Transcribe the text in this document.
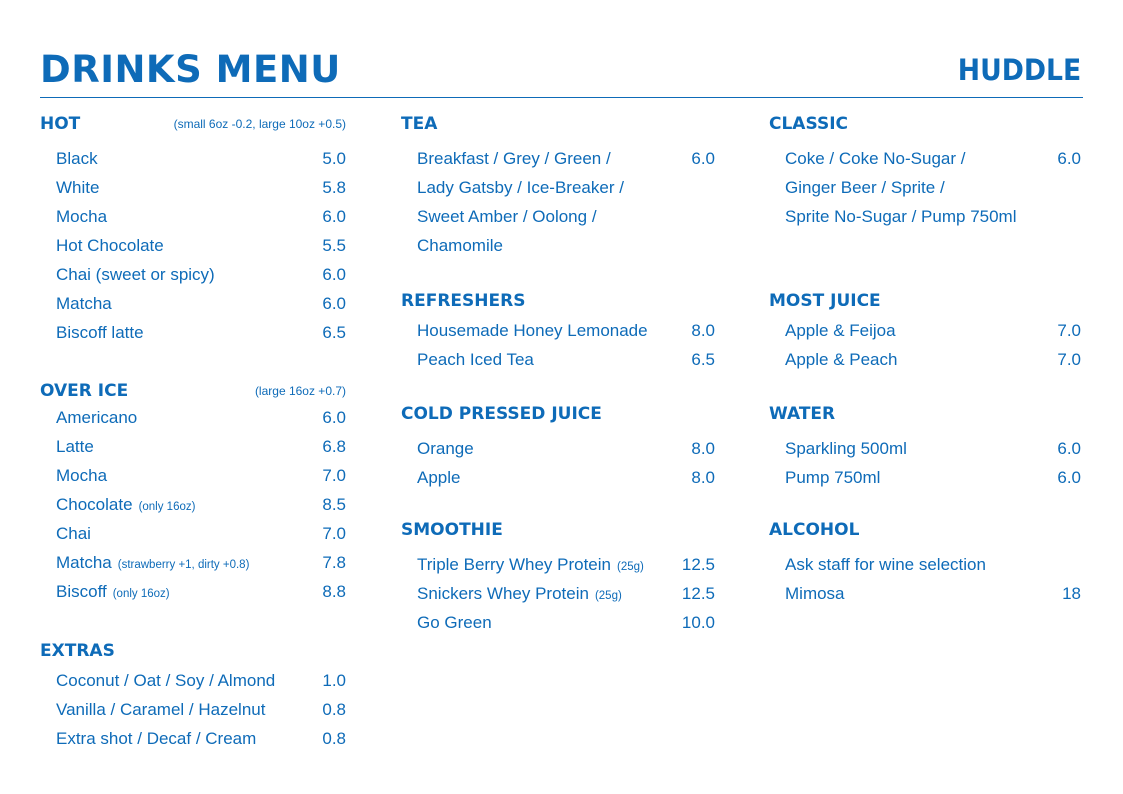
DRINKS MENU	HUDDLE
HOT	(small 6oz -0.2, large 10oz +0.5)
Black	5.0
White	5.8
Mocha	6.0
Hot Chocolate	5.5
Chai (sweet or spicy)	6.0
Matcha	6.0
Biscoff latte	6.5
OVER ICE	(large 16oz +0.7)
Americano	6.0
Latte	6.8
Mocha	7.0
Chocolate (only 16oz)	8.5
Chai	7.0
Matcha (strawberry +1, dirty +0.8)	7.8
Biscoff (only 16oz)	8.8
EXTRAS
Coconut / Oat / Soy / Almond	1.0
Vanilla / Caramel / Hazelnut	0.8
Extra shot / Decaf / Cream	0.8
TEA
Breakfast / Grey / Green /	6.0
Lady Gatsby / Ice-Breaker /
Sweet Amber / Oolong /
Chamomile
REFRESHERS
Housemade Honey Lemonade	8.0
Peach Iced Tea	6.5
COLD PRESSED JUICE
Orange	8.0
Apple	8.0
SMOOTHIE
Triple Berry Whey Protein (25g) 12.5
Snickers Whey Protein (25g)	12.5
Go Green	10.0
CLASSIC
Coke / Coke No-Sugar /	6.0
Ginger Beer / Sprite /
Sprite No-Sugar / Pump 750ml
MOST JUICE
Apple & Feijoa	7.0
Apple & Peach	7.0
WATER
Sparkling 500ml	6.0
Pump 750ml	6.0
ALCOHOL
Ask staff for wine selection
Mimosa	18
